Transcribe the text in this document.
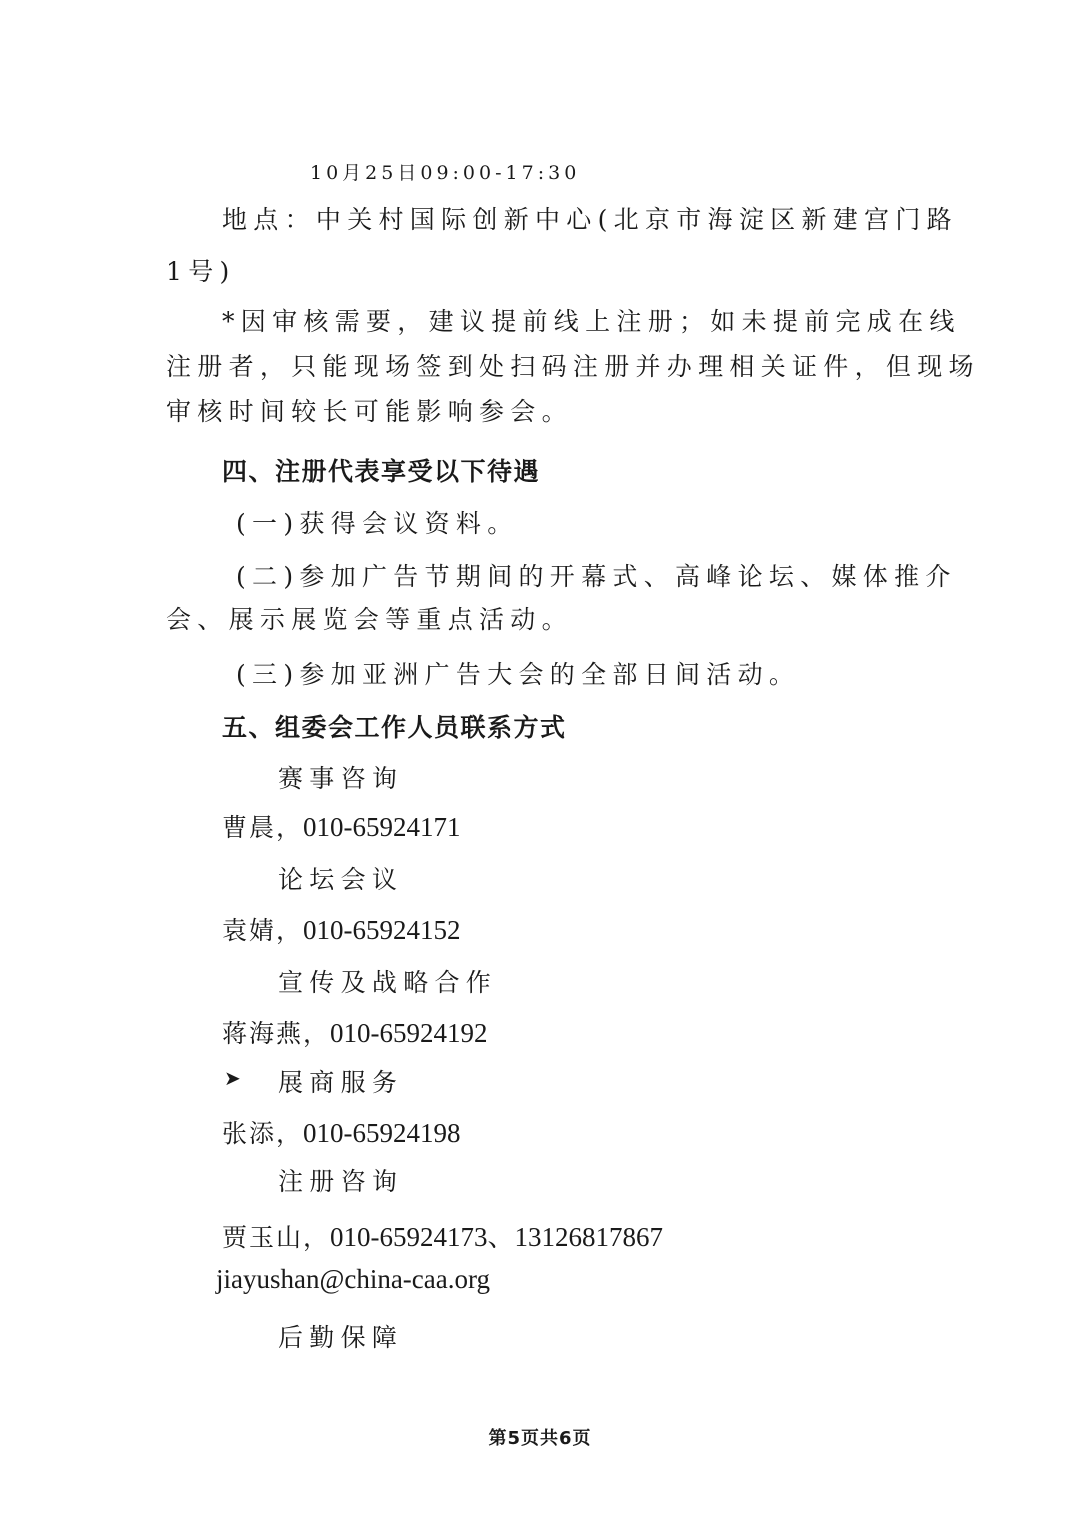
10月25日09:00-17:30

地点：中关村国际创新中心(北京市海淀区新建宫门路

1号)

*因审核需要，建议提前线上注册；如未提前完成在线

注册者，只能现场签到处扫码注册并办理相关证件，但现场

审核时间较长可能影响参会。

四、注册代表享受以下待遇

(一)获得会议资料。

(二)参加广告节期间的开幕式、高峰论坛、媒体推介

会、展示展览会等重点活动。

(三)参加亚洲广告大会的全部日间活动。

五、组委会工作人员联系方式

赛事咨询

曹晨，010-65924171

论坛会议

袁婧，010-65924152

宣传及战略合作

蒋海燕，010-65924192

➤ 展商服务

张添，010-65924198

注册咨询

贾玉山，010-65924173、13126817867

jiayushan@china-caa.org

后勤保障

第5页共6页
